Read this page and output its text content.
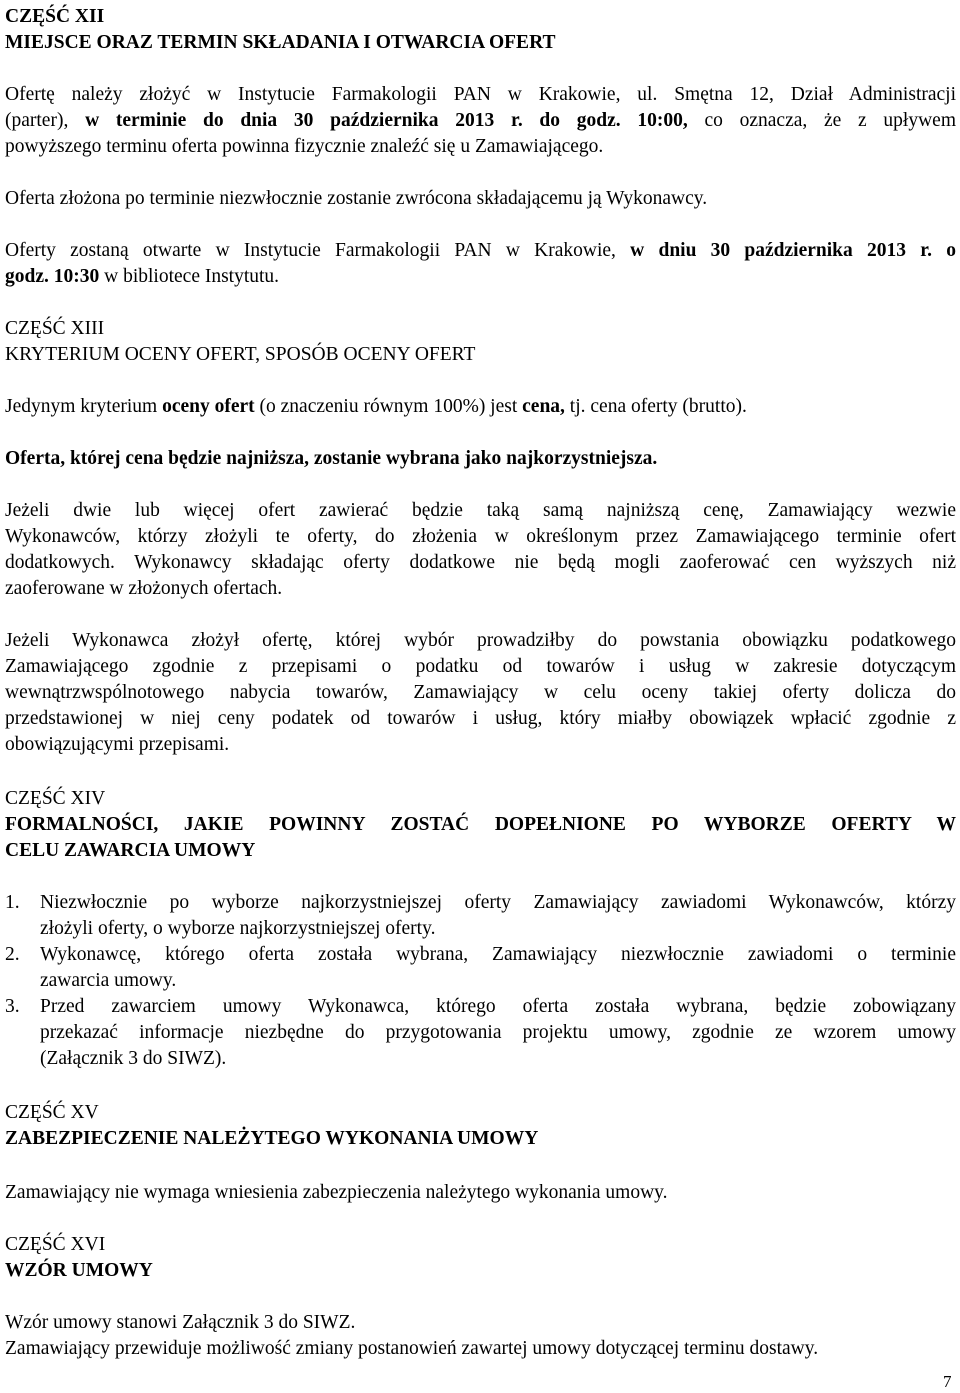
CZĘŚĆ XII
MIEJSCE ORAZ TERMIN SKŁADANIA I OTWARCIA OFERT
Ofertę należy złożyć w Instytucie Farmakologii PAN w Krakowie, ul. Smętna 12, Dział Administracji
(parter), w terminie do dnia 30 października 2013 r. do godz. 10:00, co oznacza, że z upływem
powyższego terminu oferta powinna fizycznie znaleźć się u Zamawiającego.
Oferta złożona po terminie niezwłocznie zostanie zwrócona składającemu ją Wykonawcy.
Oferty zostaną otwarte w Instytucie Farmakologii PAN w Krakowie, w dniu 30 października 2013 r. o
godz. 10:30 w bibliotece Instytutu.
CZĘŚĆ XIII
KRYTERIUM OCENY OFERT, SPOSÓB OCENY OFERT
Jedynym kryterium oceny ofert (o znaczeniu równym 100%) jest cena, tj. cena oferty (brutto).
Oferta, której cena będzie najniższa, zostanie wybrana jako najkorzystniejsza.
Jeżeli dwie lub więcej ofert zawierać będzie taką samą najniższą cenę, Zamawiający wezwie
Wykonawców, którzy złożyli te oferty, do złożenia w określonym przez Zamawiającego terminie ofert
dodatkowych. Wykonawcy składając oferty dodatkowe nie będą mogli zaoferować cen wyższych niż
zaoferowane w złożonych ofertach.
Jeżeli Wykonawca złożył ofertę, której wybór prowadziłby do powstania obowiązku podatkowego
Zamawiającego zgodnie z przepisami o podatku od towarów i usług w zakresie dotyczącym
wewnątrzwspólnotowego nabycia towarów, Zamawiający w celu oceny takiej oferty dolicza do
przedstawionej w niej ceny podatek od towarów i usług, który miałby obowiązek wpłacić zgodnie z
obowiązującymi przepisami.
CZĘŚĆ XIV
FORMALNOŚCI, JAKIE POWINNY ZOSTAĆ DOPEŁNIONE PO WYBORZE OFERTY W
CELU ZAWARCIA UMOWY
1. Niezwłocznie po wyborze najkorzystniejszej oferty Zamawiający zawiadomi Wykonawców, którzy
złożyli oferty, o wyborze najkorzystniejszej oferty.
2. Wykonawcę, którego oferta została wybrana, Zamawiający niezwłocznie zawiadomi o terminie
zawarcia umowy.
3. Przed zawarciem umowy Wykonawca, którego oferta została wybrana, będzie zobowiązany
przekazać informacje niezbędne do przygotowania projektu umowy, zgodnie ze wzorem umowy
(Załącznik 3 do SIWZ).
CZĘŚĆ XV
ZABEZPIECZENIE NALEŻYTEGO WYKONANIA UMOWY
Zamawiający nie wymaga wniesienia zabezpieczenia należytego wykonania umowy.
CZĘŚĆ XVI
WZÓR UMOWY
Wzór umowy stanowi Załącznik 3 do SIWZ.
Zamawiający przewiduje możliwość zmiany postanowień zawartej umowy dotyczącej terminu dostawy.
7
